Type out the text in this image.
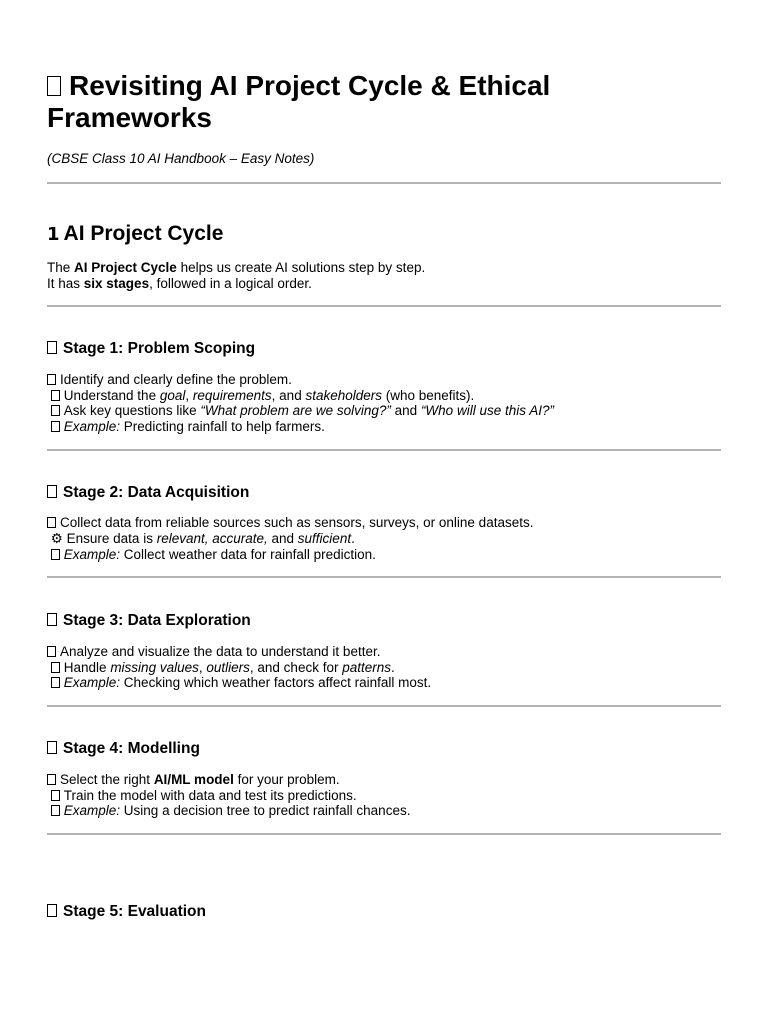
Revisiting AI Project Cycle & Ethical
Frameworks
(CBSE Class 10 AI Handbook – Easy Notes)
1 AI Project Cycle
The AI Project Cycle helps us create AI solutions step by step.
It has six stages, followed in a logical order.
Stage 1: Problem Scoping
Identify and clearly define the problem.
Understand the goal, requirements, and stakeholders (who benefits).
Ask key questions like “What problem are we solving?” and “Who will use this AI?”
Example: Predicting rainfall to help farmers.
Stage 2: Data Acquisition
Collect data from reliable sources such as sensors, surveys, or online datasets.
⚙ Ensure data is relevant, accurate, and sufficient.
Example: Collect weather data for rainfall prediction.
Stage 3: Data Exploration
Analyze and visualize the data to understand it better.
Handle missing values, outliers, and check for patterns.
Example: Checking which weather factors affect rainfall most.
Stage 4: Modelling
Select the right AI/ML model for your problem.
Train the model with data and test its predictions.
Example: Using a decision tree to predict rainfall chances.
Stage 5: Evaluation
